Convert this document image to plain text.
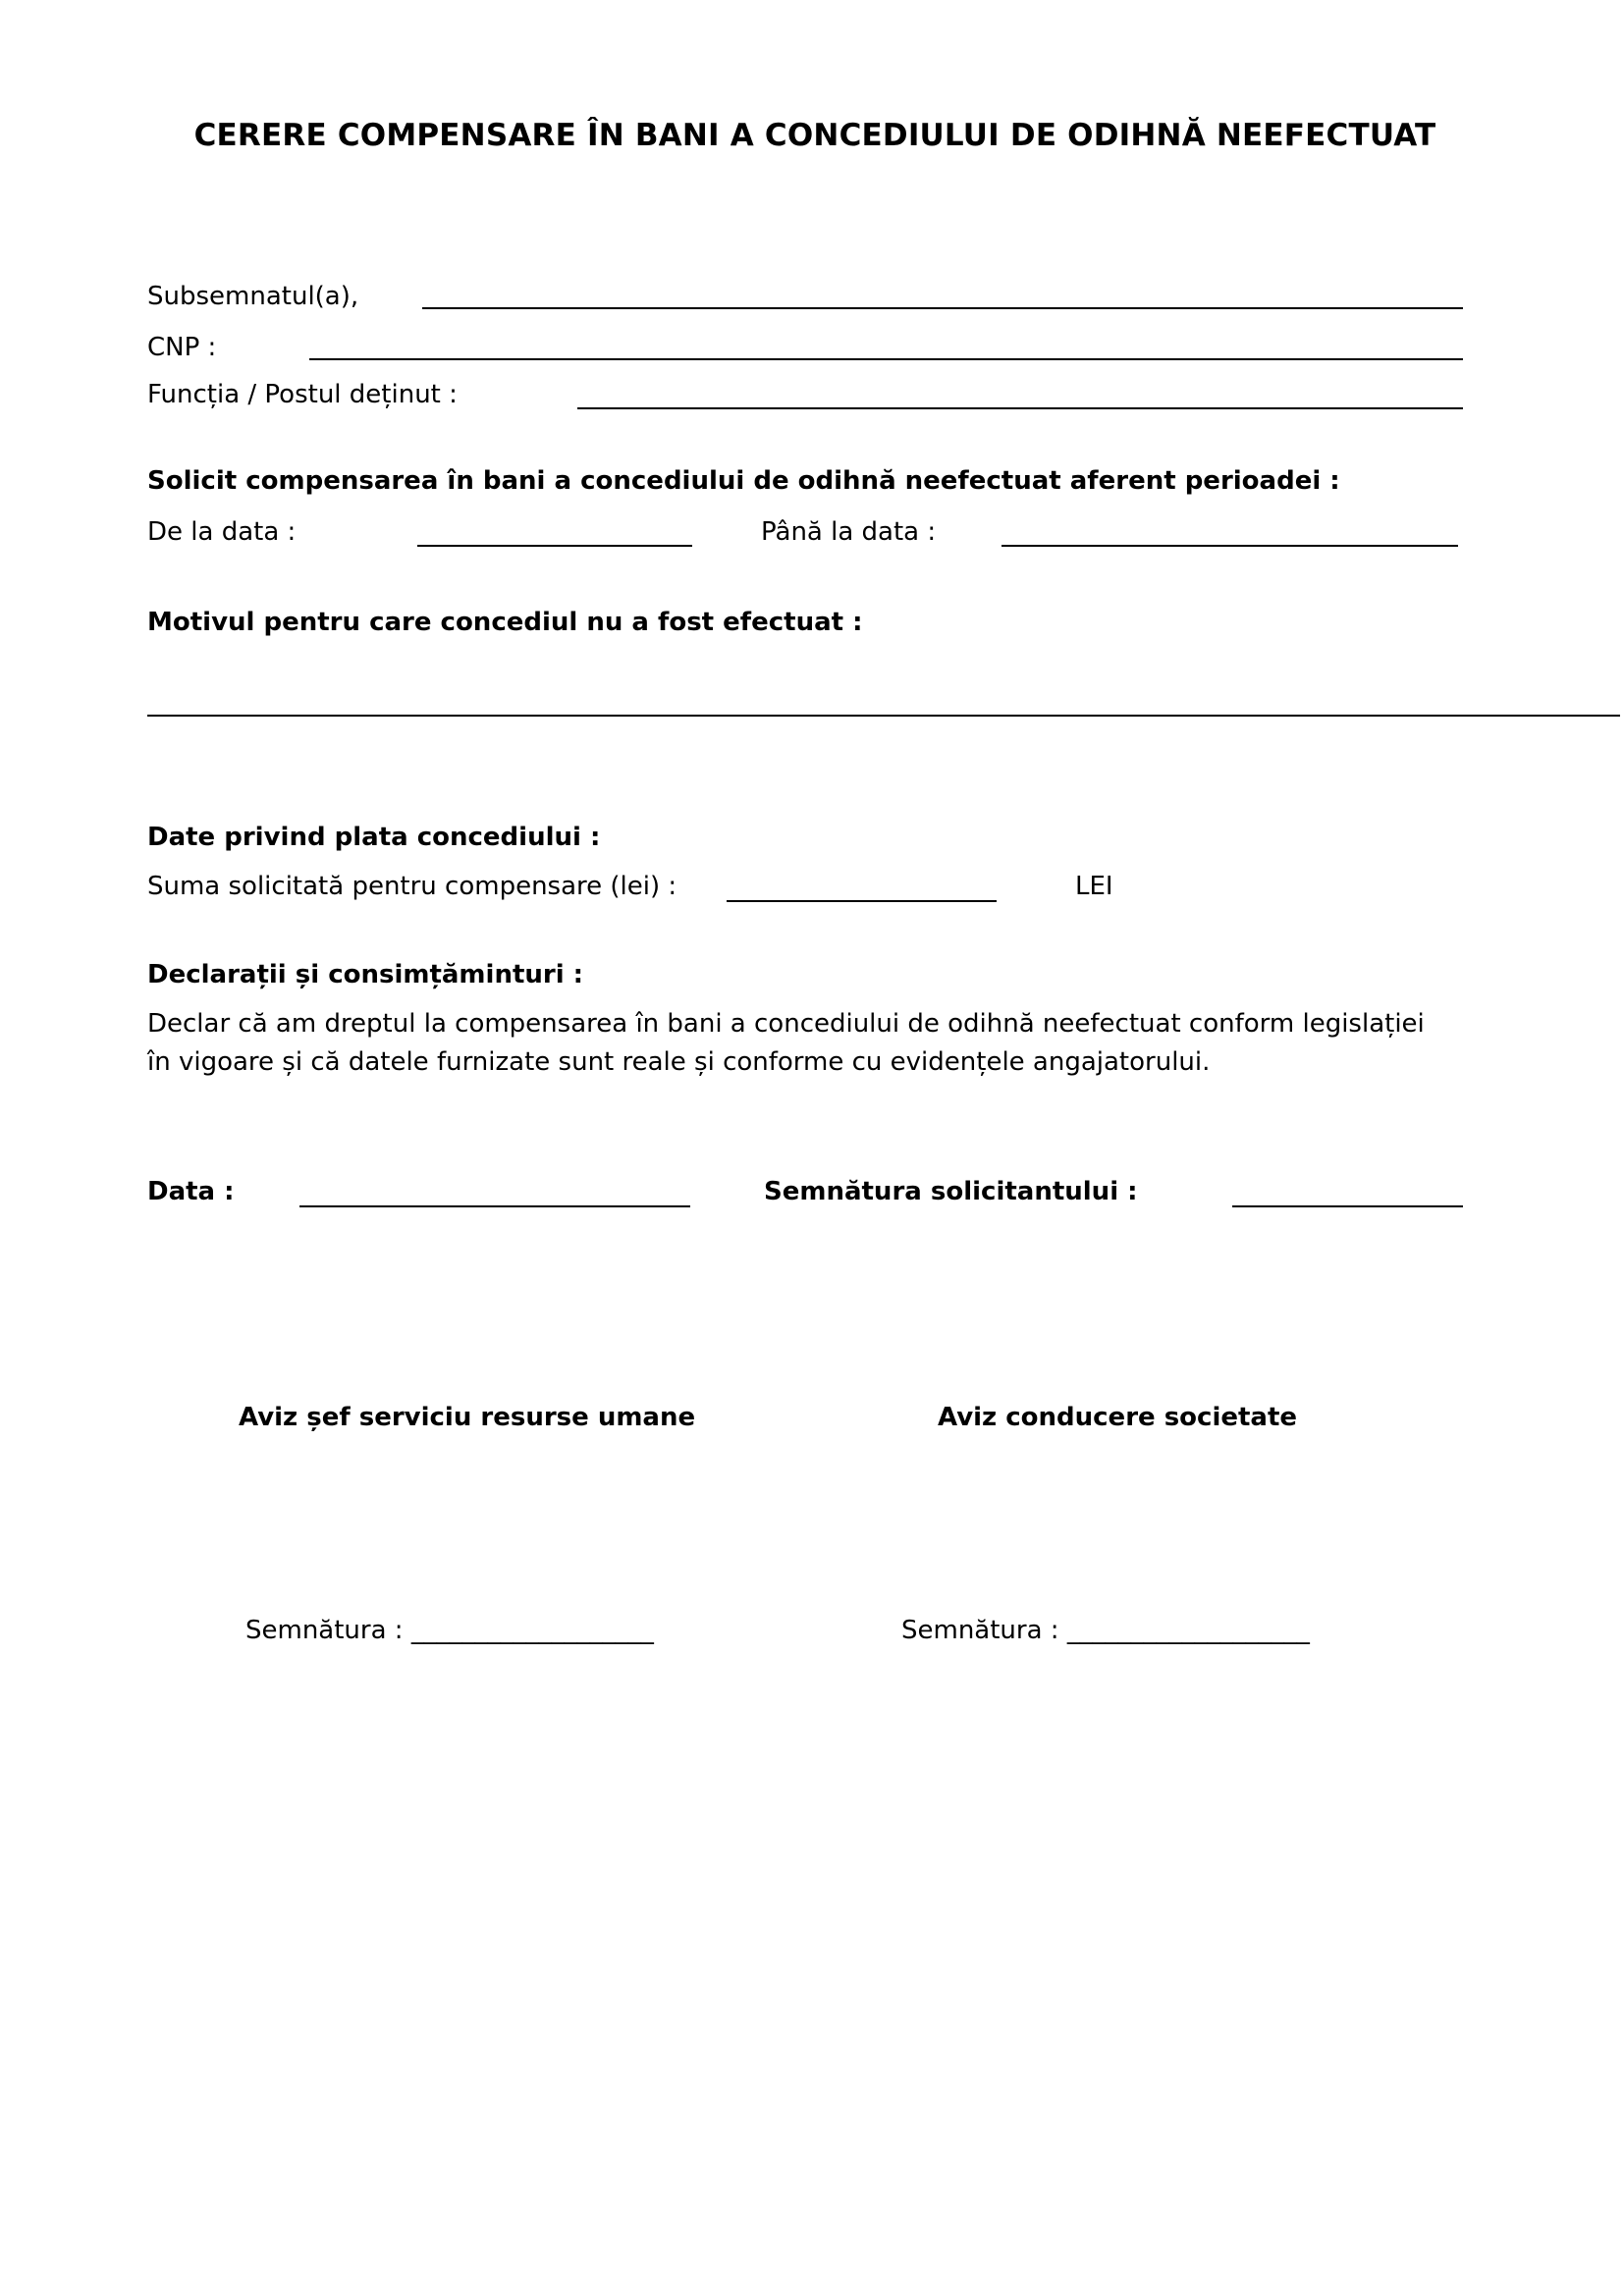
CERERE COMPENSARE ÎN BANI A CONCEDIULUI DE ODIHNĂ NEEFECTUAT
Subsemnatul(a),
CNP :
Funcția / Postul deținut :
Solicit compensarea în bani a concediului de odihnă neefectuat aferent perioadei :
De la data :	Până la data :
Motivul pentru care concediul nu a fost efectuat :
Date privind plata concediului :
Suma solicitată pentru compensare (lei) :	LEI
Declarații și consimțăminturi :
Declar că am dreptul la compensarea în bani a concediului de odihnă neefectuat conform legislației în vigoare și că datele furnizate sunt reale și conforme cu evidențele angajatorului.
Data :	Semnătura solicitantului :
Aviz șef serviciu resurse umane	Aviz conducere societate
Semnătura : ___________________	Semnătura : ___________________
